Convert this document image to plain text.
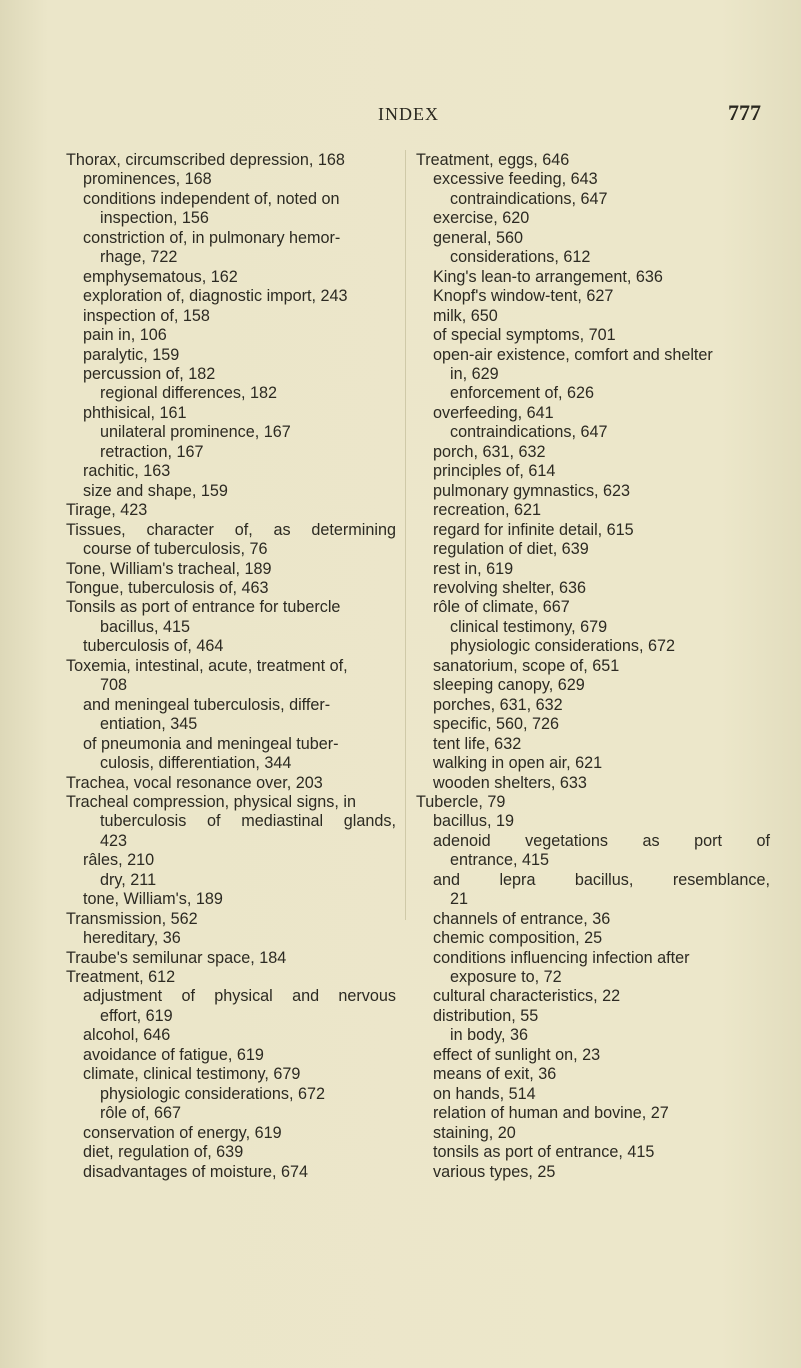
INDEX	777
Thorax, circumscribed depression, 168
prominences, 168
conditions independent of, noted on
inspection, 156
constriction of, in pulmonary hemor-
rhage, 722
emphysematous, 162
exploration of, diagnostic import, 243
inspection of, 158
pain in, 106
paralytic, 159
percussion of, 182
regional differences, 182
phthisical, 161
unilateral prominence, 167
retraction, 167
rachitic, 163
size and shape, 159
Tirage, 423
Tissues, character of, as determining
course of tuberculosis, 76
Tone, William's tracheal, 189
Tongue, tuberculosis of, 463
Tonsils as port of entrance for tubercle
bacillus, 415
tuberculosis of, 464
Toxemia, intestinal, acute, treatment of,
708
and meningeal tuberculosis, differ-
entiation, 345
of pneumonia and meningeal tuber-
culosis, differentiation, 344
Trachea, vocal resonance over, 203
Tracheal compression, physical signs, in
tuberculosis of mediastinal glands,
423
râles, 210
dry, 211
tone, William's, 189
Transmission, 562
hereditary, 36
Traube's semilunar space, 184
Treatment, 612
adjustment of physical and nervous
effort, 619
alcohol, 646
avoidance of fatigue, 619
climate, clinical testimony, 679
physiologic considerations, 672
rôle of, 667
conservation of energy, 619
diet, regulation of, 639
disadvantages of moisture, 674
Treatment, eggs, 646
excessive feeding, 643
contraindications, 647
exercise, 620
general, 560
considerations, 612
King's lean-to arrangement, 636
Knopf's window-tent, 627
milk, 650
of special symptoms, 701
open-air existence, comfort and shelter
in, 629
enforcement of, 626
overfeeding, 641
contraindications, 647
porch, 631, 632
principles of, 614
pulmonary gymnastics, 623
recreation, 621
regard for infinite detail, 615
regulation of diet, 639
rest in, 619
revolving shelter, 636
rôle of climate, 667
clinical testimony, 679
physiologic considerations, 672
sanatorium, scope of, 651
sleeping canopy, 629
porches, 631, 632
specific, 560, 726
tent life, 632
walking in open air, 621
wooden shelters, 633
Tubercle, 79
bacillus, 19
adenoid vegetations as port of
entrance, 415
and lepra bacillus, resemblance,
21
channels of entrance, 36
chemic composition, 25
conditions influencing infection after
exposure to, 72
cultural characteristics, 22
distribution, 55
in body, 36
effect of sunlight on, 23
means of exit, 36
on hands, 514
relation of human and bovine, 27
staining, 20
tonsils as port of entrance, 415
various types, 25
